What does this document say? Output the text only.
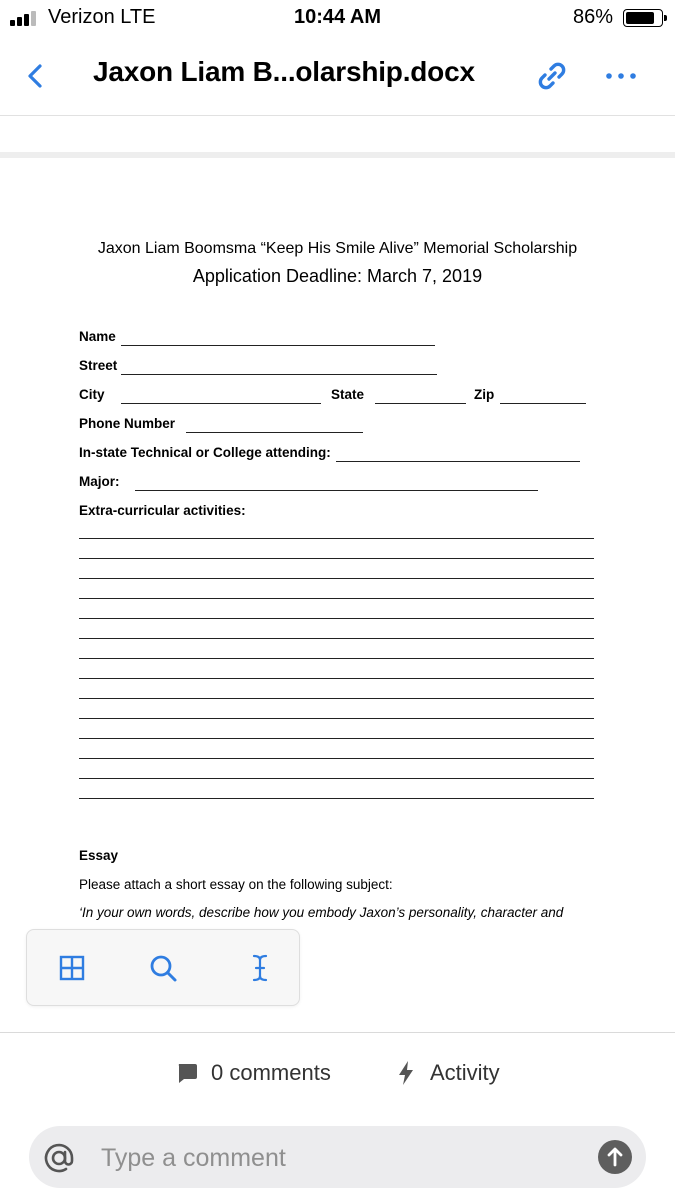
Verizon LTE	10:44 AM	86%
Jaxon Liam B...olarship.docx
Jaxon Liam Boomsma “Keep His Smile Alive” Memorial Scholarship
Application Deadline: March 7, 2019
Name
Street
City	State	Zip
Phone Number
In-state Technical or College attending:
Major:
Extra-curricular activities:
Essay
Please attach a short essay on the following subject:
‘In your own words, describe how you embody Jaxon’s personality, character and
0 comments	Activity
Type a comment
